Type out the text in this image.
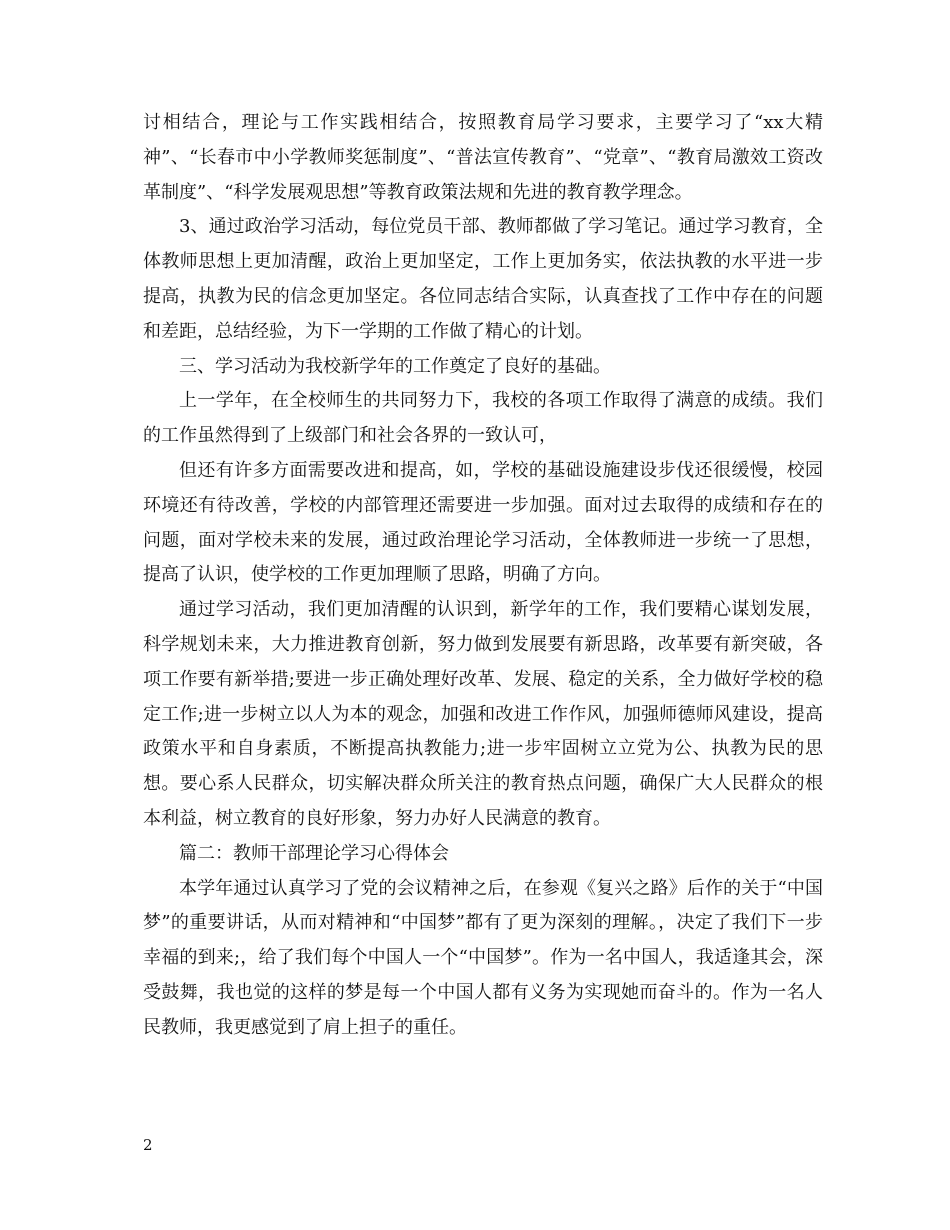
讨相结合，理论与工作实践相结合，按照教育局学习要求，主要学习了“xx大精神”、“长春市中小学教师奖惩制度”、“普法宣传教育”、“党章”、“教育局激效工资改革制度”、“科学发展观思想”等教育政策法规和先进的教育教学理念。

3、通过政治学习活动，每位党员干部、教师都做了学习笔记。通过学习教育，全体教师思想上更加清醒，政治上更加坚定，工作上更加务实，依法执教的水平进一步提高，执教为民的信念更加坚定。各位同志结合实际，认真查找了工作中存在的问题和差距，总结经验，为下一学期的工作做了精心的计划。

三、学习活动为我校新学年的工作奠定了良好的基础。

上一学年，在全校师生的共同努力下，我校的各项工作取得了满意的成绩。我们的工作虽然得到了上级部门和社会各界的一致认可，

但还有许多方面需要改进和提高，如，学校的基础设施建设步伐还很缓慢，校园环境还有待改善，学校的内部管理还需要进一步加强。面对过去取得的成绩和存在的问题，面对学校未来的发展，通过政治理论学习活动，全体教师进一步统一了思想，提高了认识，使学校的工作更加理顺了思路，明确了方向。

通过学习活动，我们更加清醒的认识到，新学年的工作，我们要精心谋划发展，科学规划未来，大力推进教育创新，努力做到发展要有新思路，改革要有新突破，各项工作要有新举措;要进一步正确处理好改革、发展、稳定的关系，全力做好学校的稳定工作;进一步树立以人为本的观念，加强和改进工作作风，加强师德师风建设，提高政策水平和自身素质，不断提高执教能力;进一步牢固树立立党为公、执教为民的思想。要心系人民群众，切实解决群众所关注的教育热点问题，确保广大人民群众的根本利益，树立教育的良好形象，努力办好人民满意的教育。

篇二：教师干部理论学习心得体会

本学年通过认真学习了党的会议精神之后，在参观《复兴之路》后作的关于“中国梦”的重要讲话，从而对精神和“中国梦”都有了更为深刻的理解。，决定了我们下一步幸福的到来;，给了我们每个中国人一个“中国梦”。作为一名中国人，我适逢其会，深受鼓舞，我也觉的这样的梦是每一个中国人都有义务为实现她而奋斗的。作为一名人民教师，我更感觉到了肩上担子的重任。

2
